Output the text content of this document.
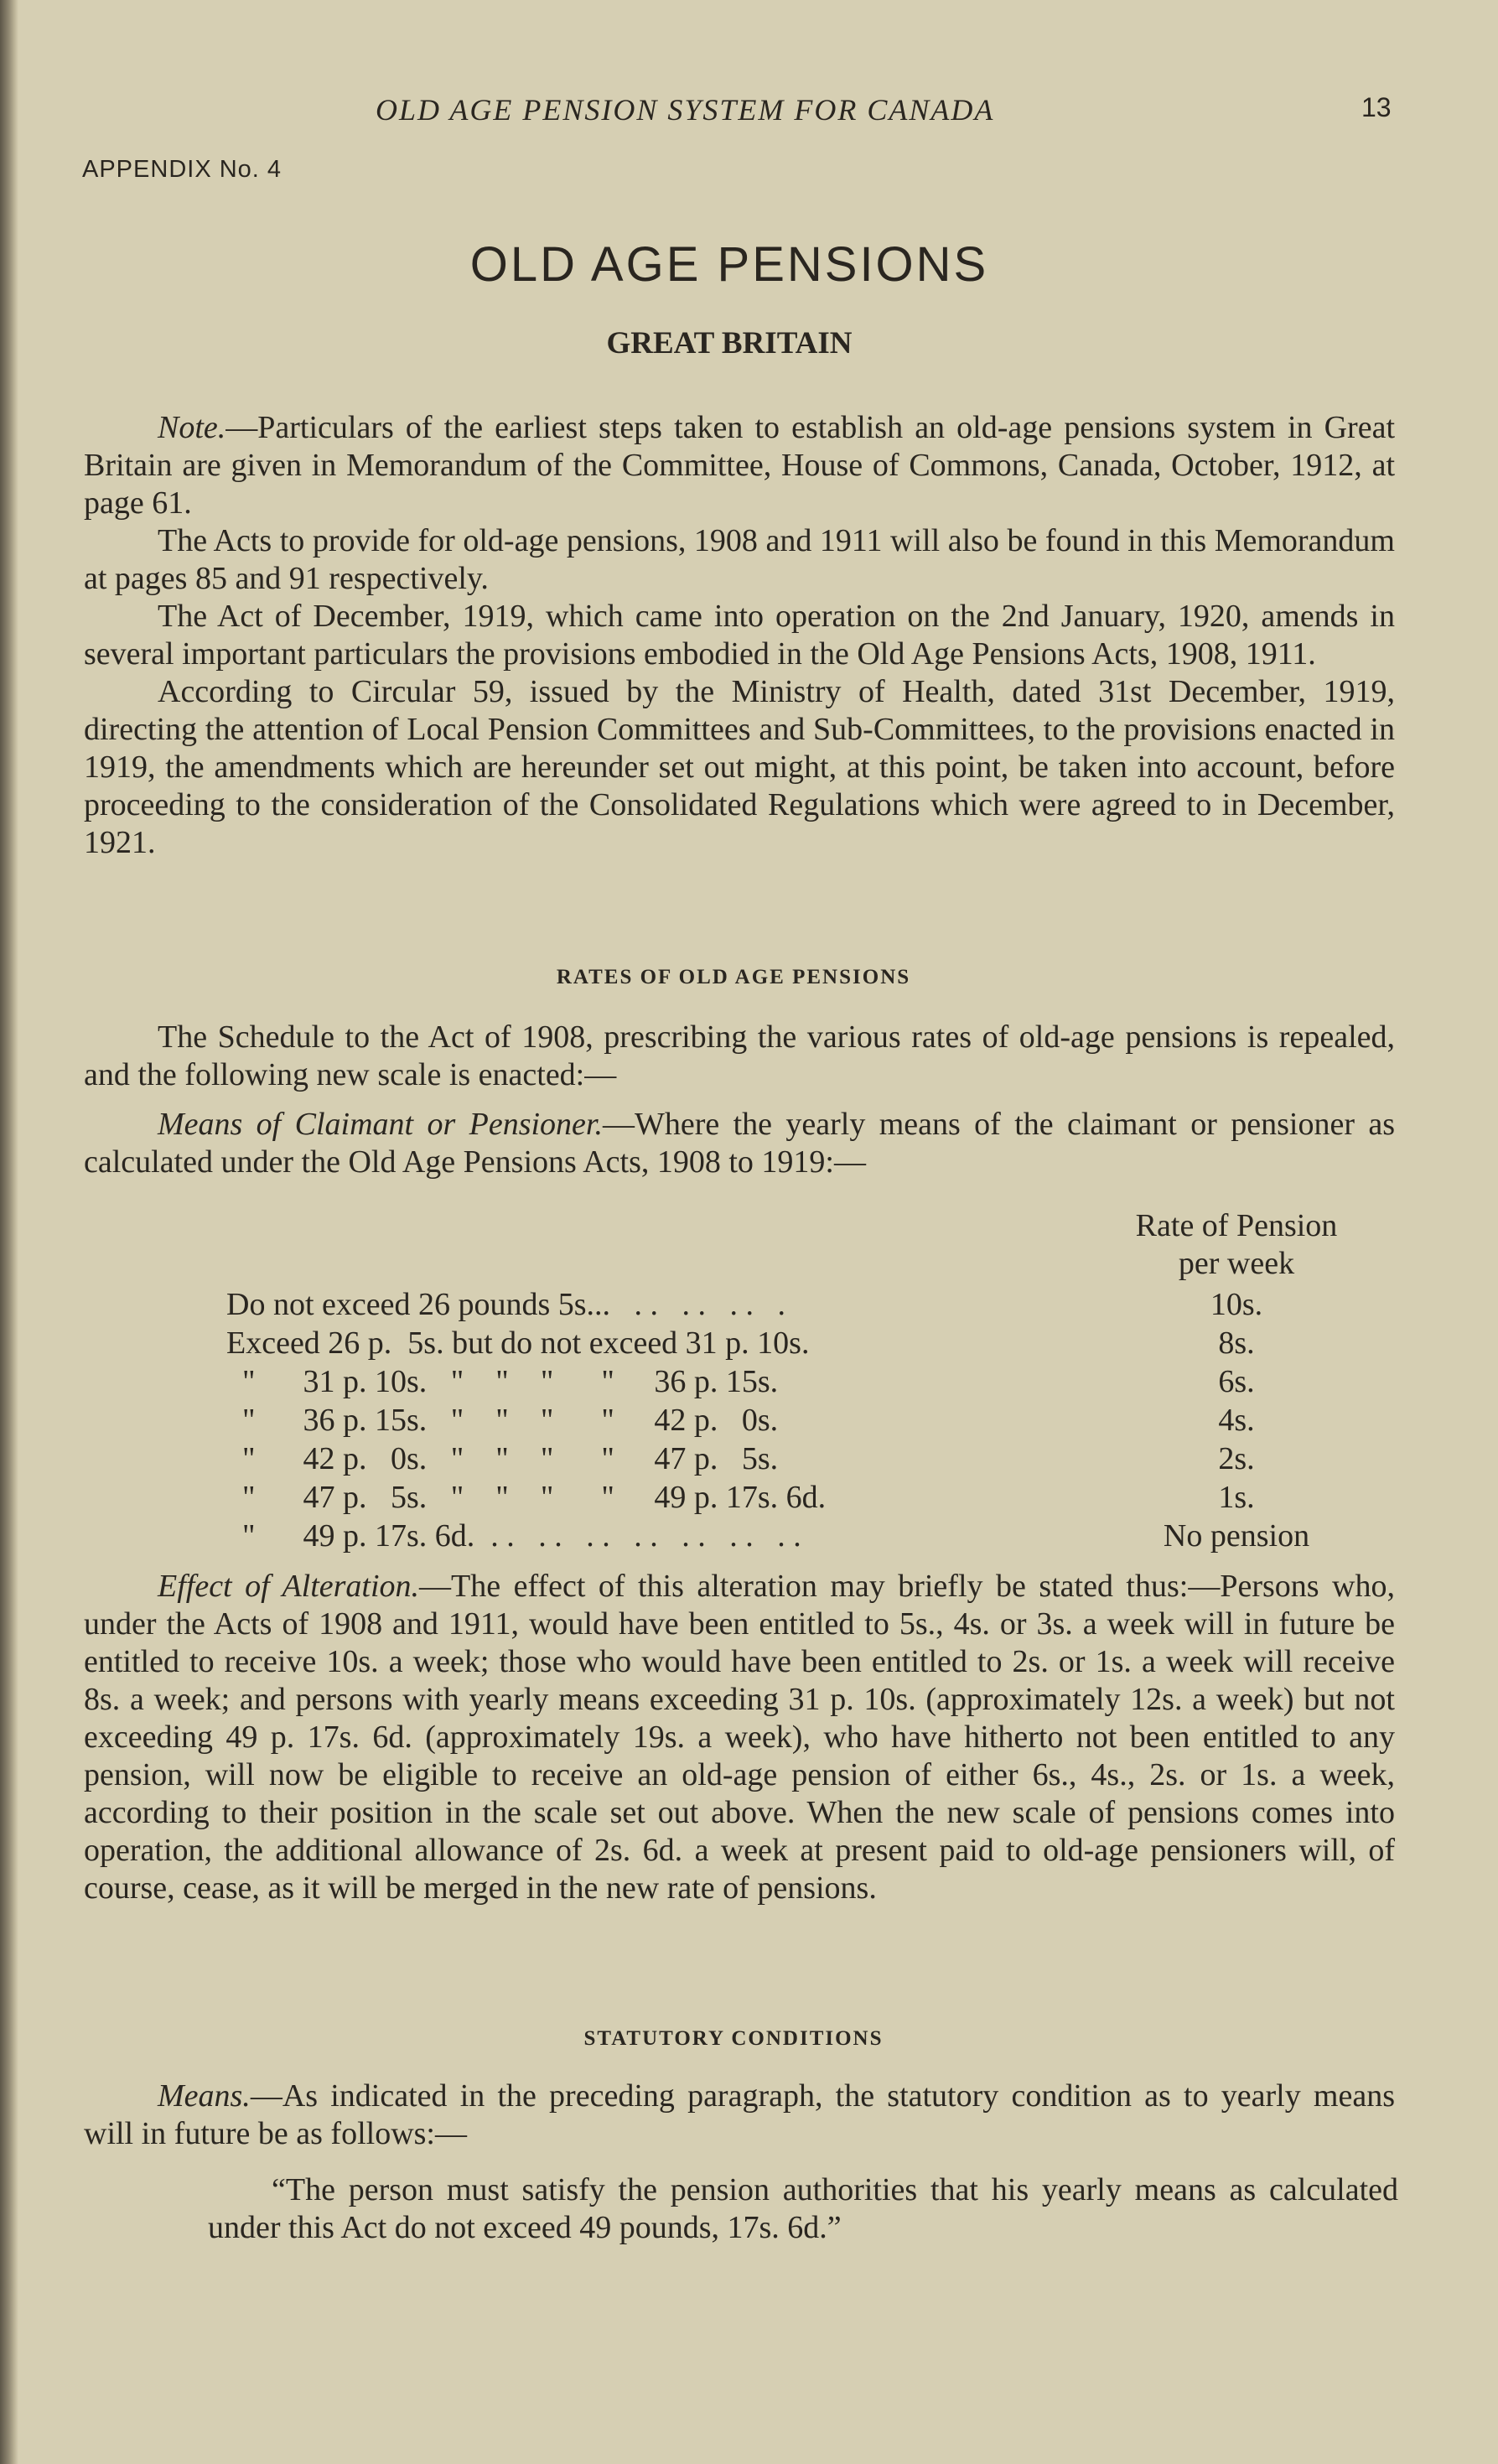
OLD AGE PENSION SYSTEM FOR CANADA	13
APPENDIX No. 4
OLD AGE PENSIONS
GREAT BRITAIN

Note.—Particulars of the earliest steps taken to establish an old-age pensions system in Great Britain are given in Memorandum of the Committee, House of Commons, Canada, October, 1912, at page 61.

The Acts to provide for old-age pensions, 1908 and 1911 will also be found in this Memorandum at pages 85 and 91 respectively.

The Act of December, 1919, which came into operation on the 2nd January, 1920, amends in several important particulars the provisions embodied in the Old Age Pensions Acts, 1908, 1911.

According to Circular 59, issued by the Ministry of Health, dated 31st December, 1919, directing the attention of Local Pension Committees and Sub-Committees, to the provisions enacted in 1919, the amendments which are hereunder set out might, at this point, be taken into account, before proceeding to the consideration of the Consolidated Regulations which were agreed to in December, 1921.

RATES OF OLD AGE PENSIONS

The Schedule to the Act of 1908, prescribing the various rates of old-age pensions is repealed, and the following new scale is enacted:—

Means of Claimant or Pensioner.—Where the yearly means of the claimant or pensioner as calculated under the Old Age Pensions Acts, 1908 to 1919:—

Rate of Pension
per week
Do not exceed 26 pounds 5s...   . .   . .   . .   .	10s.
Exceed 26 p.  5s. but do not exceed 31 p. 10s.	8s.
"      31 p. 10s.   "    "    "      "     36 p. 15s.	6s.
"      36 p. 15s.   "    "    "      "     42 p.   0s.	4s.
"      42 p.   0s.   "    "    "      "     47 p.   5s.	2s.
"      47 p.   5s.   "    "    "      "     49 p. 17s. 6d.	1s.
"      49 p. 17s. 6d.  . .   . .   . .   . .   . .   . .   . .	No pension

Effect of Alteration.—The effect of this alteration may briefly be stated thus:—Persons who, under the Acts of 1908 and 1911, would have been entitled to 5s., 4s. or 3s. a week will in future be entitled to receive 10s. a week; those who would have been entitled to 2s. or 1s. a week will receive 8s. a week; and persons with yearly means exceeding 31 p. 10s. (approximately 12s. a week) but not exceeding 49 p. 17s. 6d. (approximately 19s. a week), who have hitherto not been entitled to any pension, will now be eligible to receive an old-age pension of either 6s., 4s., 2s. or 1s. a week, according to their position in the scale set out above. When the new scale of pensions comes into operation, the additional allowance of 2s. 6d. a week at present paid to old-age pensioners will, of course, cease, as it will be merged in the new rate of pensions.

STATUTORY CONDITIONS

Means.—As indicated in the preceding paragraph, the statutory condition as to yearly means will in future be as follows:—

“The person must satisfy the pension authorities that his yearly means as calculated under this Act do not exceed 49 pounds, 17s. 6d.”
